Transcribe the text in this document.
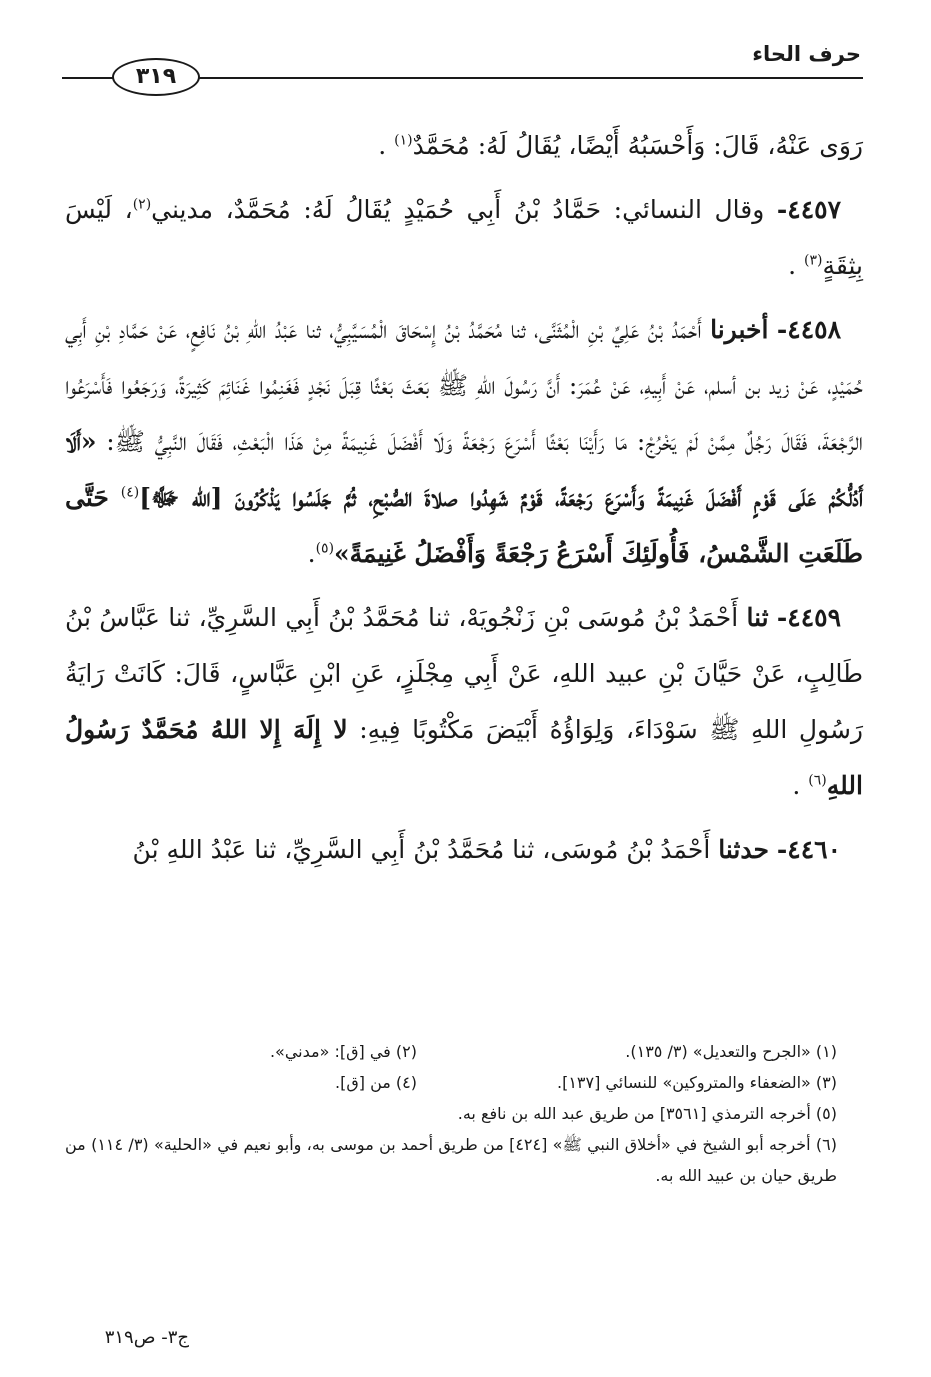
حرف الحاء
٣١٩

رَوَى عَنْهُ، قَالَ: وَأَحْسَبُهُ أَيْضًا، يُقَالُ لَهُ: مُحَمَّدٌ$^{(١)}$ .

٤٤٥٧- وقال النسائي: حَمَّادُ بْنُ أَبِي حُمَيْدٍ يُقَالُ لَهُ: مُحَمَّدٌ، مديني$^{(٢)}$، لَيْسَ بِثِقَةٍ$^{(٣)}$ .

٤٤٥٨- أخبرنا أَحْمَدُ بْنُ عَلِيِّ بْنِ الْمُثَنَّى، ثنا مُحَمَّدُ بْنُ إِسْحَاقَ الْمُسَيَّبِيُّ، ثنا عَبْدُ اللهِ بْنُ نَافِعٍ، عَنْ حَمَّادِ بْنِ أَبِي حُمَيْدٍ، عَنْ زيد بن أسلم، عَنْ أَبِيهِ، عَنْ عُمَرَ: أَنَّ رَسُولَ اللهِ ﷺ بَعَثَ بَعْثًا قِبَلَ نَجْدٍ فَغَنِمُوا غَنَائِمَ كَثِيرَةً، وَرَجَعُوا فَأَسْرَعُوا الرَّجْعَةَ، فَقَالَ رَجُلٌ مِمَّنْ لَمْ يَخْرُجْ: مَا رَأَيْنَا بَعْثًا أَسْرَعَ رَجْعَةً وَلَا أَفْضَلَ غَنِيمَةً مِنْ هَذَا الْبَعْثِ، فَقَالَ النَّبِيُّ ﷺ: «أَلَا أَدُلُّكُمْ عَلَى قَوْمٍ أَفْضَلَ غَنِيمَةً وَأَسْرَعَ رَجْعَةً، قَوْمٌ شَهِدُوا صلاةَ الصُّبْحِ، ثُمَّ جَلَسُوا يَذْكُرُونَ [الله ﷻ]$^{(٤)}$ حَتَّى طَلَعَتِ الشَّمْسُ، فَأُولَئِكَ أَسْرَعُ رَجْعَةً وَأَفْضَلُ غَنِيمَةً»$^{(٥)}$.

٤٤٥٩- ثنا أَحْمَدُ بْنُ مُوسَى بْنِ زَنْجُويَهْ، ثنا مُحَمَّدُ بْنُ أَبِي السَّرِيِّ، ثنا عَبَّاسُ بْنُ طَالِبٍ، عَنْ حَيَّانَ بْنِ عبيد اللهِ، عَنْ أَبِي مِجْلَزٍ، عَنِ ابْنِ عَبَّاسٍ، قَالَ: كَانَتْ رَايَةُ رَسُولِ اللهِ ﷺ سَوْدَاءَ، وَلِوَاؤُهُ أَبْيَضَ مَكْتُوبًا فِيهِ: لا إِلَهَ إِلا اللهُ مُحَمَّدٌ رَسُولُ اللهِ$^{(٦)}$ .

٤٤٦٠- حدثنا أَحْمَدُ بْنُ مُوسَى، ثنا مُحَمَّدُ بْنُ أَبِي السَّرِيِّ، ثنا عَبْدُ اللهِ بْنُ

(١) «الجرح والتعديل» (٣/ ١٣٥).
(٢) في [ق]: «مدني».
(٣) «الضعفاء والمتروكين» للنسائي [١٣٧].
(٤) من [ق].
(٥) أخرجه الترمذي [٣٥٦١] من طريق عبد الله بن نافع به.
(٦) أخرجه أبو الشيخ في «أخلاق النبي ﷺ» [٤٢٤] من طريق أحمد بن موسى به، وأبو نعيم في «الحلية» (٣/ ١١٤) من طريق حيان بن عبيد الله به.
ج٣- ص٣١٩
